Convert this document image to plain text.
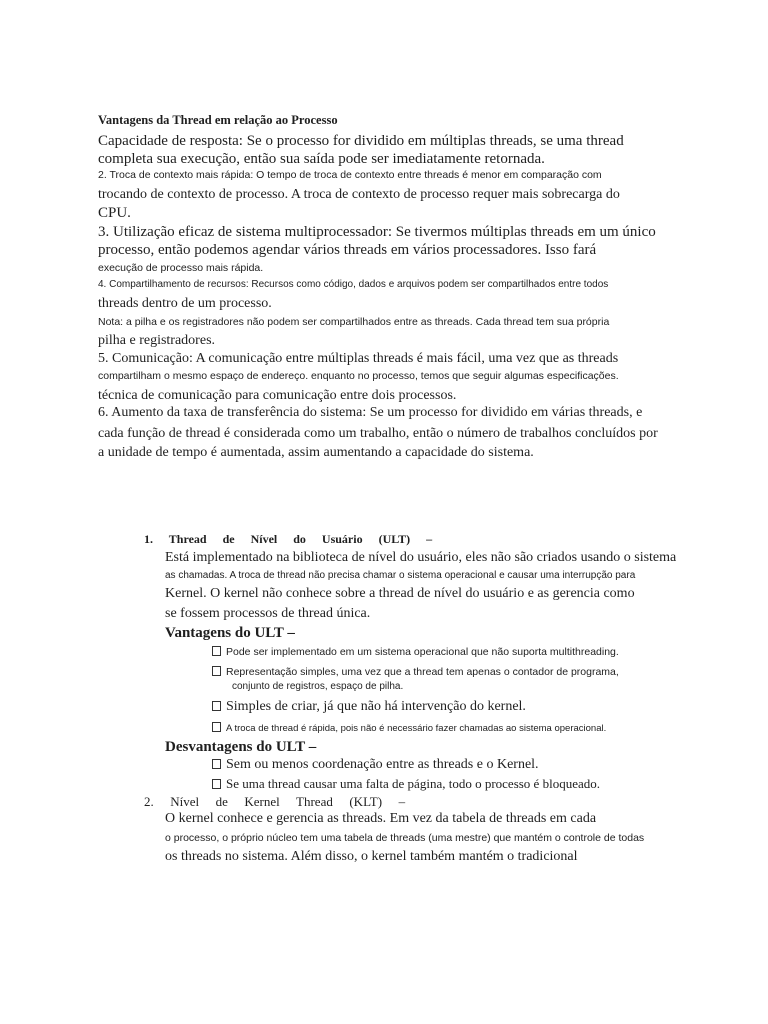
Vantagens da Thread em relação ao Processo
Capacidade de resposta: Se o processo for dividido em múltiplas threads, se uma thread
completa sua execução, então sua saída pode ser imediatamente retornada.
2. Troca de contexto mais rápida: O tempo de troca de contexto entre threads é menor em comparação com
trocando de contexto de processo. A troca de contexto de processo requer mais sobrecarga do
CPU.
3. Utilização eficaz de sistema multiprocessador: Se tivermos múltiplas threads em um único
processo, então podemos agendar vários threads em vários processadores. Isso fará
execução de processo mais rápida.
4. Compartilhamento de recursos: Recursos como código, dados e arquivos podem ser compartilhados entre todos
threads dentro de um processo.
Nota: a pilha e os registradores não podem ser compartilhados entre as threads. Cada thread tem sua própria
pilha e registradores.
5. Comunicação: A comunicação entre múltiplas threads é mais fácil, uma vez que as threads
compartilham o mesmo espaço de endereço. enquanto no processo, temos que seguir algumas especificações.
técnica de comunicação para comunicação entre dois processos.
6. Aumento da taxa de transferência do sistema: Se um processo for dividido em várias threads, e
cada função de thread é considerada como um trabalho, então o número de trabalhos concluídos por
a unidade de tempo é aumentada, assim aumentando a capacidade do sistema.
1.  Thread  de  Nível  do  Usuário  (ULT)  –
Está implementado na biblioteca de nível do usuário, eles não são criados usando o sistema
as chamadas. A troca de thread não precisa chamar o sistema operacional e causar uma interrupção para
Kernel. O kernel não conhece sobre a thread de nível do usuário e as gerencia como
se fossem processos de thread única.
Vantagens do ULT –
Pode ser implementado em um sistema operacional que não suporta multithreading.
Representação simples, uma vez que a thread tem apenas o contador de programa,
conjunto de registros, espaço de pilha.
Simples de criar, já que não há intervenção do kernel.
A troca de thread é rápida, pois não é necessário fazer chamadas ao sistema operacional.
Desvantagens do ULT –
Sem ou menos coordenação entre as threads e o Kernel.
Se uma thread causar uma falta de página, todo o processo é bloqueado.
2.  Nível  de  Kernel  Thread  (KLT)  –
O kernel conhece e gerencia as threads. Em vez da tabela de threads em cada
o processo, o próprio núcleo tem uma tabela de threads (uma mestre) que mantém o controle de todas
os threads no sistema. Além disso, o kernel também mantém o tradicional
